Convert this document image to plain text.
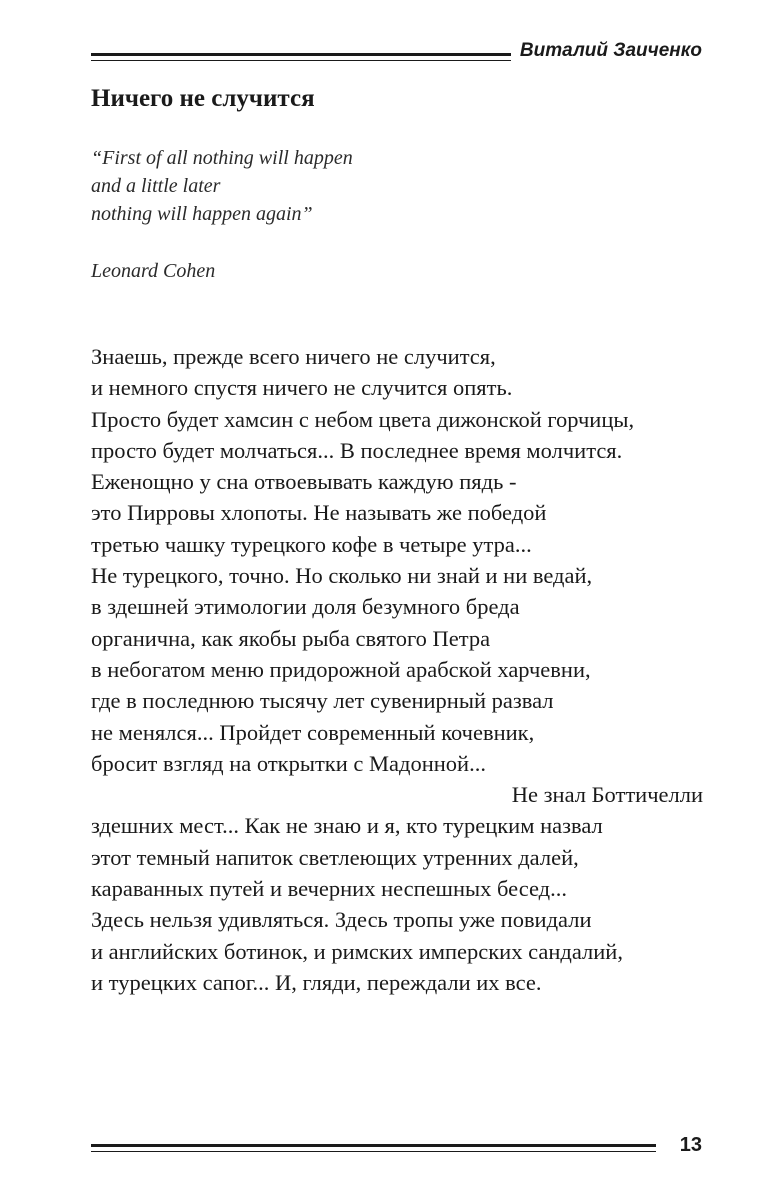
Виталий Заиченко
Ничего не случится
“First of all nothing will happen
and a little later
nothing will happen again”
Leonard Cohen
Знаешь, прежде всего ничего не случится,
и немного спустя ничего не случится опять.
Просто будет хамсин с небом цвета дижонской горчицы,
просто будет молчаться... В последнее время молчится.
Еженощно у сна отвоевывать каждую пядь -
это Пирровы хлопоты. Не называть же победой
третью чашку турецкого кофе в четыре утра...
Не турецкого, точно. Но сколько ни знай и ни ведай,
в здешней этимологии доля безумного бреда
органична, как якобы рыба святого Петра
в небогатом меню придорожной арабской харчевни,
где в последнюю тысячу лет сувенирный развал
не менялся... Пройдет современный кочевник,
бросит взгляд на открытки с Мадонной...
Не знал Боттичелли
здешних мест... Как не знаю и я, кто турецким назвал
этот темный напиток светлеющих утренних далей,
караванных путей и вечерних неспешных бесед...
Здесь нельзя удивляться. Здесь тропы уже повидали
и английских ботинок, и римских имперских сандалий,
и турецких сапог... И, гляди, переждали их все.
13
